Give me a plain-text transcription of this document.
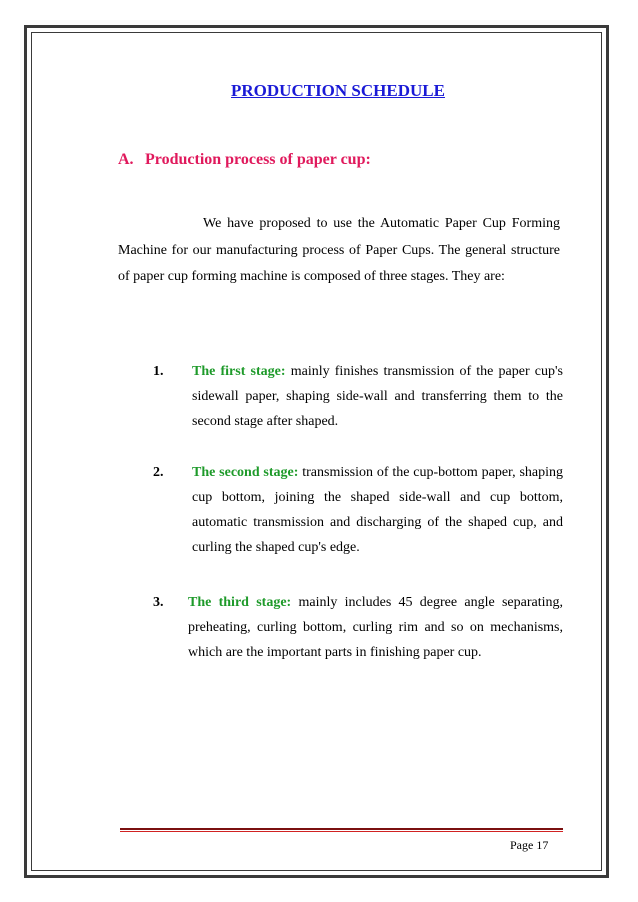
PRODUCTION SCHEDULE
A. Production process of paper cup:

We have proposed to use the Automatic Paper Cup Forming Machine for our manufacturing process of Paper Cups. The general structure of paper cup forming machine is composed of three stages. They are:

1. The first stage: mainly finishes transmission of the paper cup's sidewall paper, shaping side-wall and transferring them to the second stage after shaped.
2. The second stage: transmission of the cup-bottom paper, shaping cup bottom, joining the shaped side-wall and cup bottom, automatic transmission and discharging of the shaped cup, and curling the shaped cup's edge.
3. The third stage: mainly includes 45 degree angle separating, preheating, curling bottom, curling rim and so on mechanisms, which are the important parts in finishing paper cup.
Page 17
